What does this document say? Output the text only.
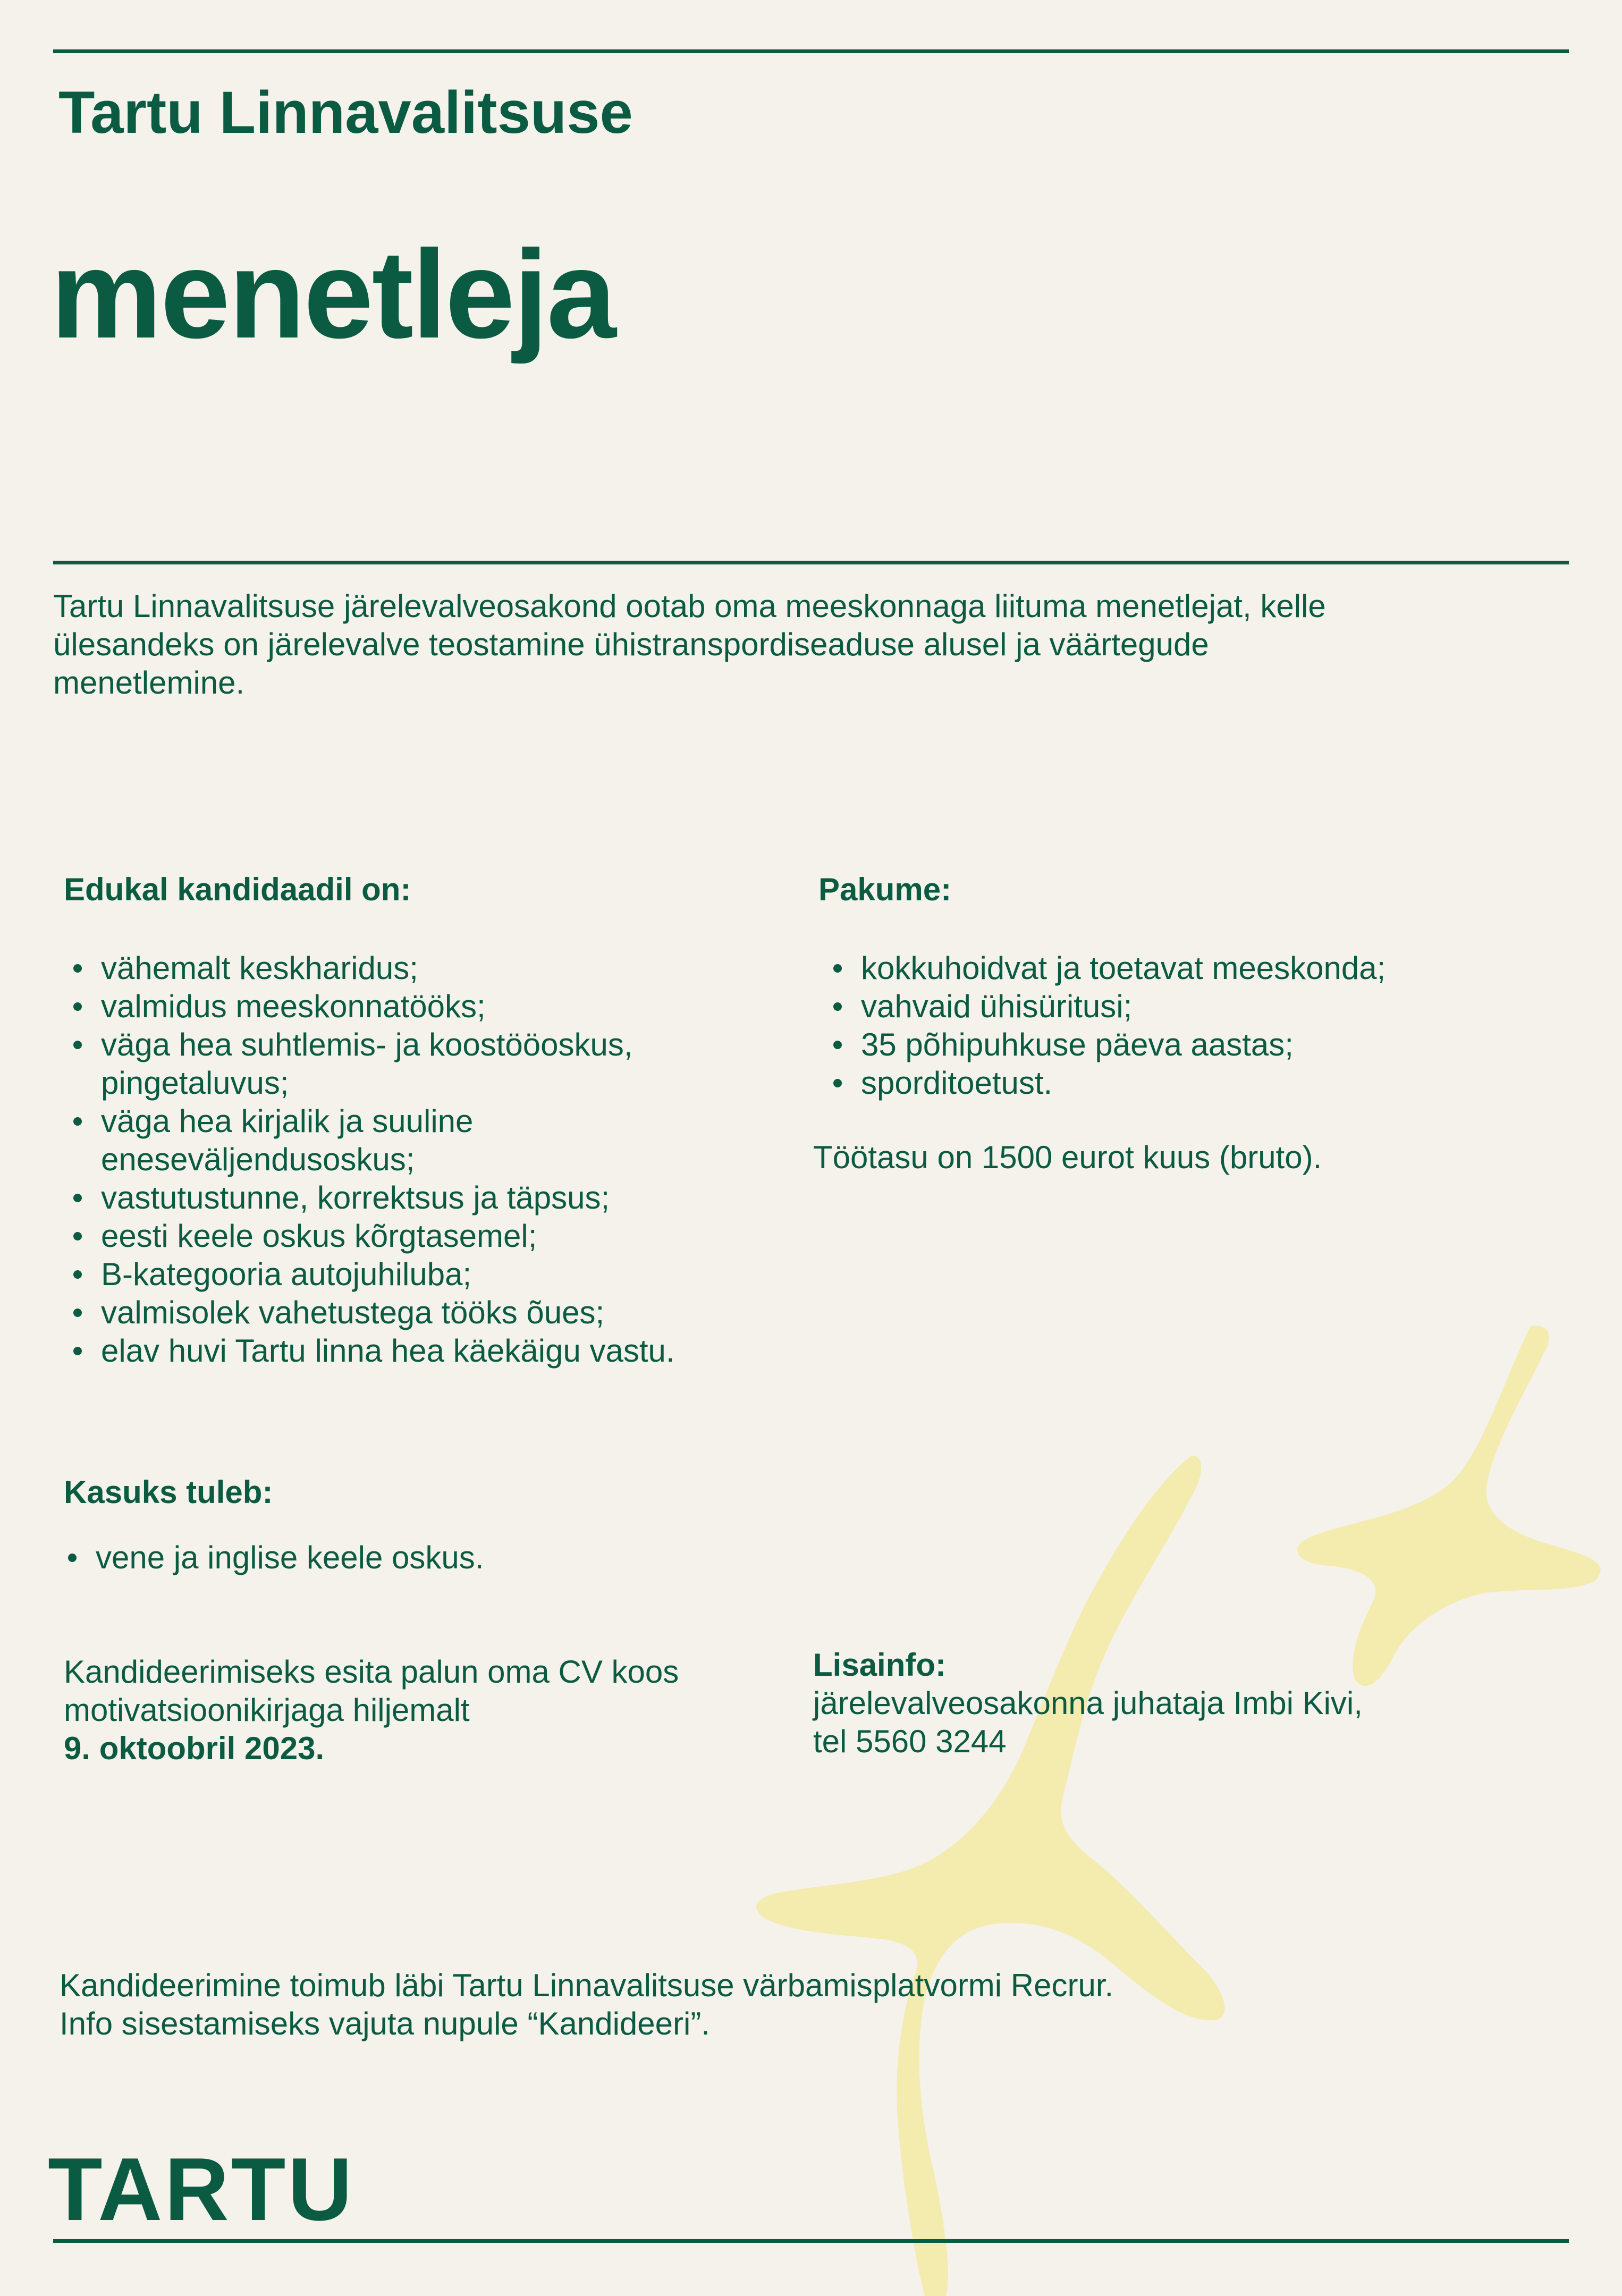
Tartu Linnavalitsuse
menetleja

Tartu Linnavalitsuse järelevalveosakond ootab oma meeskonnaga liituma menetlejat, kelle ülesandeks on järelevalve teostamine ühistranspordiseaduse alusel ja väärtegude menetlemine.

Edukal kandidaadil on:
vähemalt keskharidus;
valmidus meeskonnatööks;
väga hea suhtlemis- ja koostööoskus, pingetaluvus;
väga hea kirjalik ja suuline eneseväljendusoskus;
vastutustunne, korrektsus ja täpsus;
eesti keele oskus kõrgtasemel;
B-kategooria autojuhiluba;
valmisolek vahetustega tööks õues;
elav huvi Tartu linna hea käekäigu vastu.
Pakume:
kokkuhoidvat ja toetavat meeskonda;
vahvaid ühisüritusi;
35 põhipuhkuse päeva aastas;
sporditoetust.

Töötasu on 1500 eurot kuus (bruto).

Kasuks tuleb:
vene ja inglise keele oskus.

Kandideerimiseks esita palun oma CV koos
motivatsioonikirjaga hiljemalt
9. oktoobril 2023.

Lisainfo:
järelevalveosakonna juhataja Imbi Kivi,
tel 5560 3244

Kandideerimine toimub läbi Tartu Linnavalitsuse värbamisplatvormi Recrur.
Info sisestamiseks vajuta nupule “Kandideeri”.

TARTU
